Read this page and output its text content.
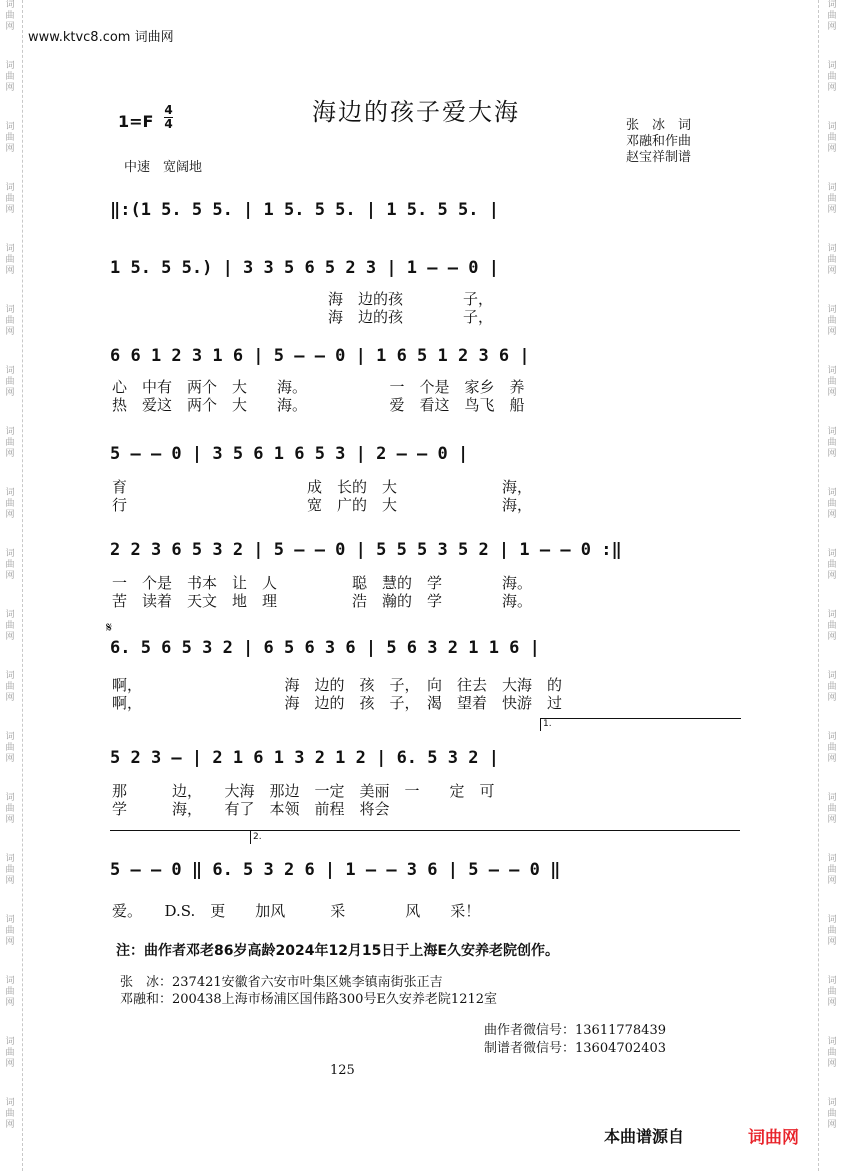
词
曲
网
词
曲
网
词
曲
网
词
曲
网
词
曲
网
词
曲
网
词
曲
网
词
曲
网
词
曲
网
词
曲
网
词
曲
网
词
曲
网
词
曲
网
词
曲
网
词
曲
网
词
曲
网
词
曲
网
词
曲
网
词
曲
网
词
曲
网
词
曲
网
词
曲
网
词
曲
网
词
曲
网
词
曲
网
词
曲
网
词
曲
网
词
曲
网
词
曲
网
词
曲
网
词
曲
网
词
曲
网
词
曲
网
词
曲
网
词
曲
网
词
曲
网
词
曲
网
词
曲
网
www.ktvc8.com 词曲网
海边的孩子爱大海
1=F
4
4
中速　宽阔地
张　冰　词
邓融和作曲
赵宝祥制谱
‖:(1 5. 5 5. | 1 5. 5 5. | 1 5. 5 5. |
1 5. 5 5.) | 3 3 5 6 5 2 3 | 1 – – 0 |
海　边的孩　　　　子，
海　边的孩　　　　子，
6 6 1 2 3 1 6 | 5 – – 0 | 1 6 5 1 2 3 6 |
心　中有　两个　大　　海。　　　　　　一　个是　家乡　养
热　爱这　两个　大　　海。　　　　　　爱　看这　鸟飞　船
5 – – 0 | 3 5 6 1 6 5 3 | 2 – – 0 |
育　　　　　　　　　　　　成　长的　大　　　　　　　海，
行　　　　　　　　　　　　宽　广的　大　　　　　　　海，
2 2 3 6 5 3 2 | 5 – – 0 | 5 5 5 3 5 2 | 1 – – 0 :‖
一　个是　书本　让　人　　　　　聪　慧的　学　　　　海。
苦　读着　天文　地　理　　　　　浩　瀚的　学　　　　海。
𝄋
6. 5 6 5 3 2 | 6 5 6 3 6 | 5 6 3 2 1 1 6 |
啊，　　　　　　　　　　海　边的　孩　子，　向　往去　大海　的
啊，　　　　　　　　　　海　边的　孩　子，　渴　望着　快游　过
1.
5 2 3 – | 2 1 6 1 3 2 1 2 | 6. 5 3 2 |
那　　　边，　　大海　那边　一定　美丽　一　　定　可
学　　　海，　　有了　本领　前程　将会
2.
5 – – 0 ‖ 6. 5 3 2 6 | 1 – – 3 6 | 5 – – 0 ‖
爱。　　D.S.　更　　加风　　　采　　　　风　　采！
注：曲作者邓老86岁高龄2024年12月15日于上海E久安养老院创作。
张　冰：237421安徽省六安市叶集区姚李镇南街张正吉
邓融和：200438上海市杨浦区国伟路300号E久安养老院1212室
曲作者微信号：13611778439
制谱者微信号：13604702403
125
本曲谱源自	词曲网
